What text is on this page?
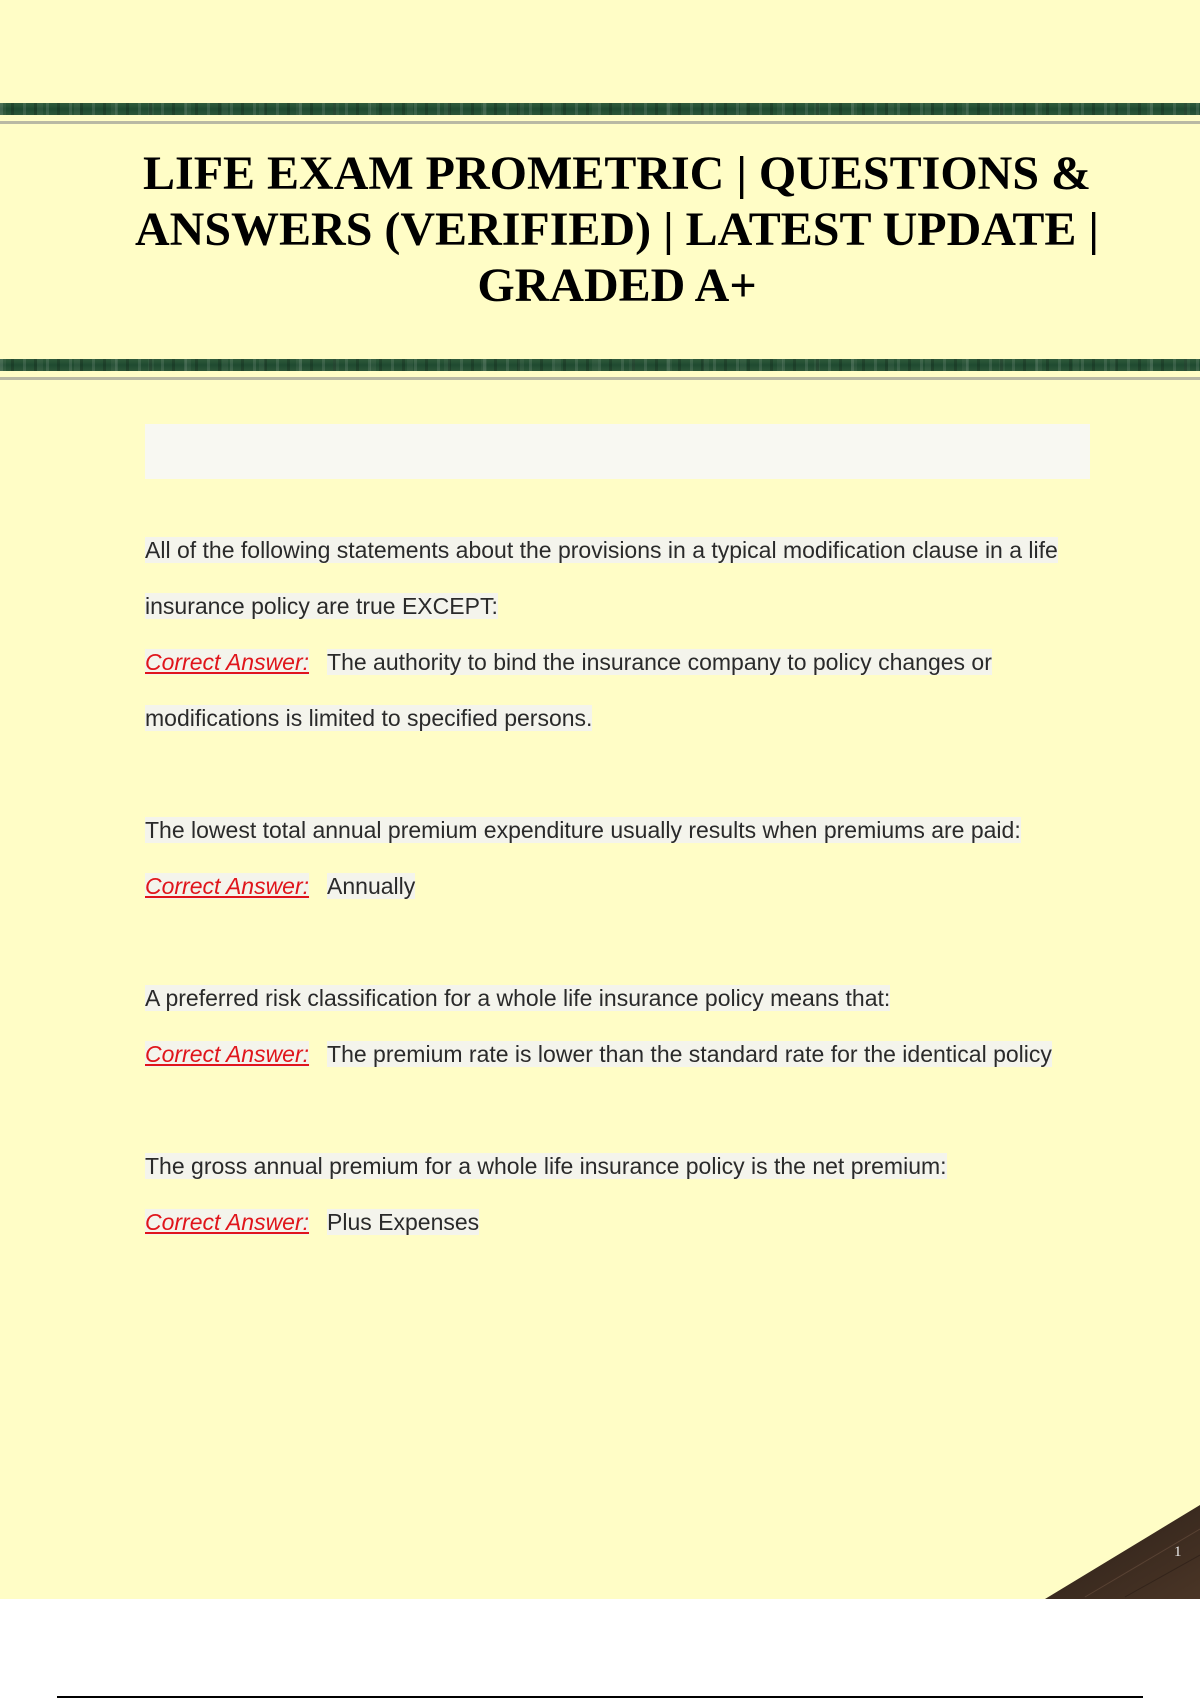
LIFE EXAM PROMETRIC | QUESTIONS & ANSWERS (VERIFIED) | LATEST UPDATE | GRADED A+

All of the following statements about the provisions in a typical modification clause in a life insurance policy are true EXCEPT:

Correct Answer: The authority to bind the insurance company to policy changes or modifications is limited to specified persons.

The lowest total annual premium expenditure usually results when premiums are paid:

Correct Answer: Annually

A preferred risk classification for a whole life insurance policy means that:

Correct Answer: The premium rate is lower than the standard rate for the identical policy

The gross annual premium for a whole life insurance policy is the net premium:

Correct Answer: Plus Expenses

1
